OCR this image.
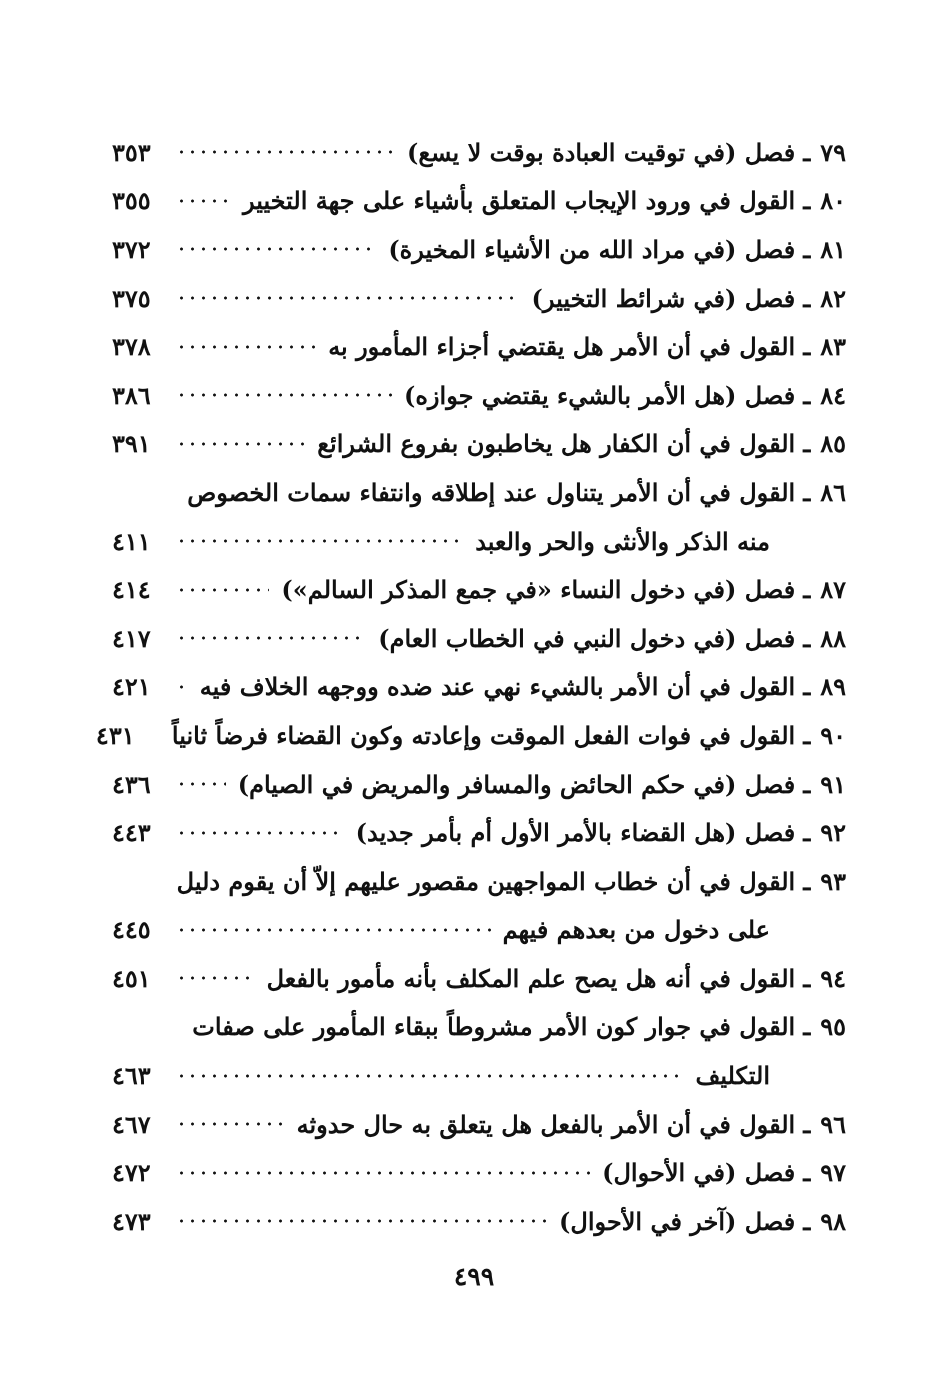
٧٩
ـ
فصل (في توقيت العبادة بوقت لا يسع)
٣٥٣
٨٠
ـ
القول في ورود الإيجاب المتعلق بأشياء على جهة التخيير
٣٥٥
٨١
ـ
فصل (في مراد الله من الأشياء المخيرة)
٣٧٢
٨٢
ـ
فصل (في شرائط التخيير)
٣٧٥
٨٣
ـ
القول في أن الأمر هل يقتضي أجزاء المأمور به
٣٧٨
٨٤
ـ
فصل (هل الأمر بالشيء يقتضي جوازه)
٣٨٦
٨٥
ـ
القول في أن الكفار هل يخاطبون بفروع الشرائع
٣٩١
٨٦
ـ
القول في أن الأمر يتناول عند إطلاقه وانتفاء سمات الخصوص
منه الذكر والأنثى والحر والعبد
٤١١
٨٧
ـ
فصل (في دخول النساء «في جمع المذكر السالم»)
٤١٤
٨٨
ـ
فصل (في دخول النبي في الخطاب العام)
٤١٧
٨٩
ـ
القول في أن الأمر بالشيء نهي عند ضده ووجهه الخلاف فيه
٤٢١
٩٠
ـ
القول في فوات الفعل الموقت وإعادته وكون القضاء فرضاً ثانياً
٤٣١
٩١
ـ
فصل (في حكم الحائض والمسافر والمريض في الصيام)
٤٣٦
٩٢
ـ
فصل (هل القضاء بالأمر الأول أم بأمر جديد)
٤٤٣
٩٣
ـ
القول في أن خطاب المواجهين مقصور عليهم إلاّ أن يقوم دليل
على دخول من بعدهم فيهم
٤٤٥
٩٤
ـ
القول في أنه هل يصح علم المكلف بأنه مأمور بالفعل
٤٥١
٩٥
ـ
القول في جوار كون الأمر مشروطاً ببقاء المأمور على صفات
التكليف
٤٦٣
٩٦
ـ
القول في أن الأمر بالفعل هل يتعلق به حال حدوثه
٤٦٧
٩٧
ـ
فصل (في الأحوال)
٤٧٢
٩٨
ـ
فصل (آخر في الأحوال)
٤٧٣
٤٩٩
